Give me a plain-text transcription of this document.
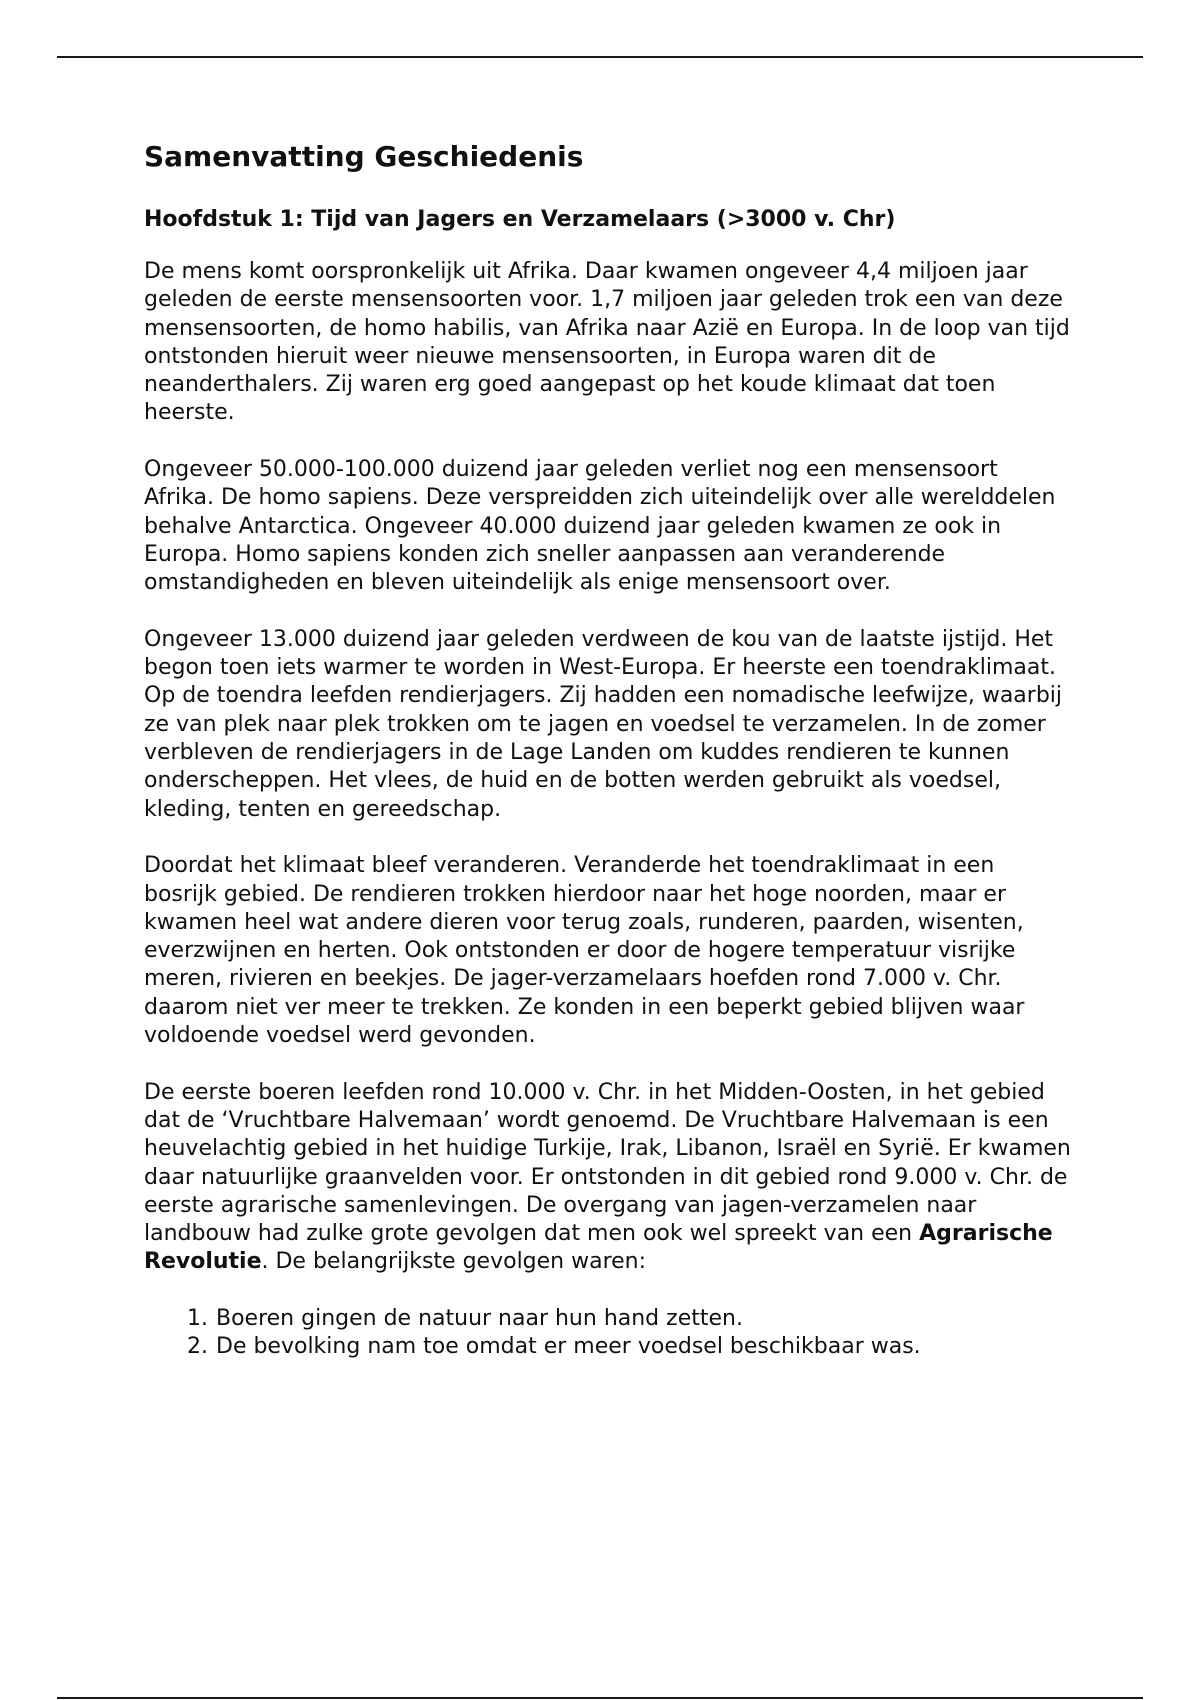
Samenvatting Geschiedenis
Hoofdstuk 1: Tijd van Jagers en Verzamelaars (>3000 v. Chr)

De mens komt oorspronkelijk uit Afrika. Daar kwamen ongeveer 4,4 miljoen jaar geleden de eerste mensensoorten voor. 1,7 miljoen jaar geleden trok een van deze mensensoorten, de homo habilis, van Afrika naar Azië en Europa. In de loop van tijd ontstonden hieruit weer nieuwe mensensoorten, in Europa waren dit de neanderthalers. Zij waren erg goed aangepast op het koude klimaat dat toen heerste.

Ongeveer 50.000-100.000 duizend jaar geleden verliet nog een mensensoort Afrika. De homo sapiens. Deze verspreidden zich uiteindelijk over alle werelddelen behalve Antarctica. Ongeveer 40.000 duizend jaar geleden kwamen ze ook in Europa. Homo sapiens konden zich sneller aanpassen aan veranderende omstandigheden en bleven uiteindelijk als enige mensensoort over.

Ongeveer 13.000 duizend jaar geleden verdween de kou van de laatste ijstijd. Het begon toen iets warmer te worden in West-Europa. Er heerste een toendraklimaat. Op de toendra leefden rendierjagers. Zij hadden een nomadische leefwijze, waarbij ze van plek naar plek trokken om te jagen en voedsel te verzamelen. In de zomer verbleven de rendierjagers in de Lage Landen om kuddes rendieren te kunnen onderscheppen. Het vlees, de huid en de botten werden gebruikt als voedsel, kleding, tenten en gereedschap.

Doordat het klimaat bleef veranderen. Veranderde het toendraklimaat in een bosrijk gebied. De rendieren trokken hierdoor naar het hoge noorden, maar er kwamen heel wat andere dieren voor terug zoals, runderen, paarden, wisenten, everzwijnen en herten. Ook ontstonden er door de hogere temperatuur visrijke meren, rivieren en beekjes. De jager-verzamelaars hoefden rond 7.000 v. Chr. daarom niet ver meer te trekken. Ze konden in een beperkt gebied blijven waar voldoende voedsel werd gevonden.

De eerste boeren leefden rond 10.000 v. Chr. in het Midden-Oosten, in het gebied dat de ‘Vruchtbare Halvemaan’ wordt genoemd. De Vruchtbare Halvemaan is een heuvelachtig gebied in het huidige Turkije, Irak, Libanon, Israël en Syrië. Er kwamen daar natuurlijke graanvelden voor. Er ontstonden in dit gebied rond 9.000 v. Chr. de eerste agrarische samenlevingen. De overgang van jagen-verzamelen naar landbouw had zulke grote gevolgen dat men ook wel spreekt van een Agrarische Revolutie. De belangrijkste gevolgen waren:

1. Boeren gingen de natuur naar hun hand zetten.
2. De bevolking nam toe omdat er meer voedsel beschikbaar was.
